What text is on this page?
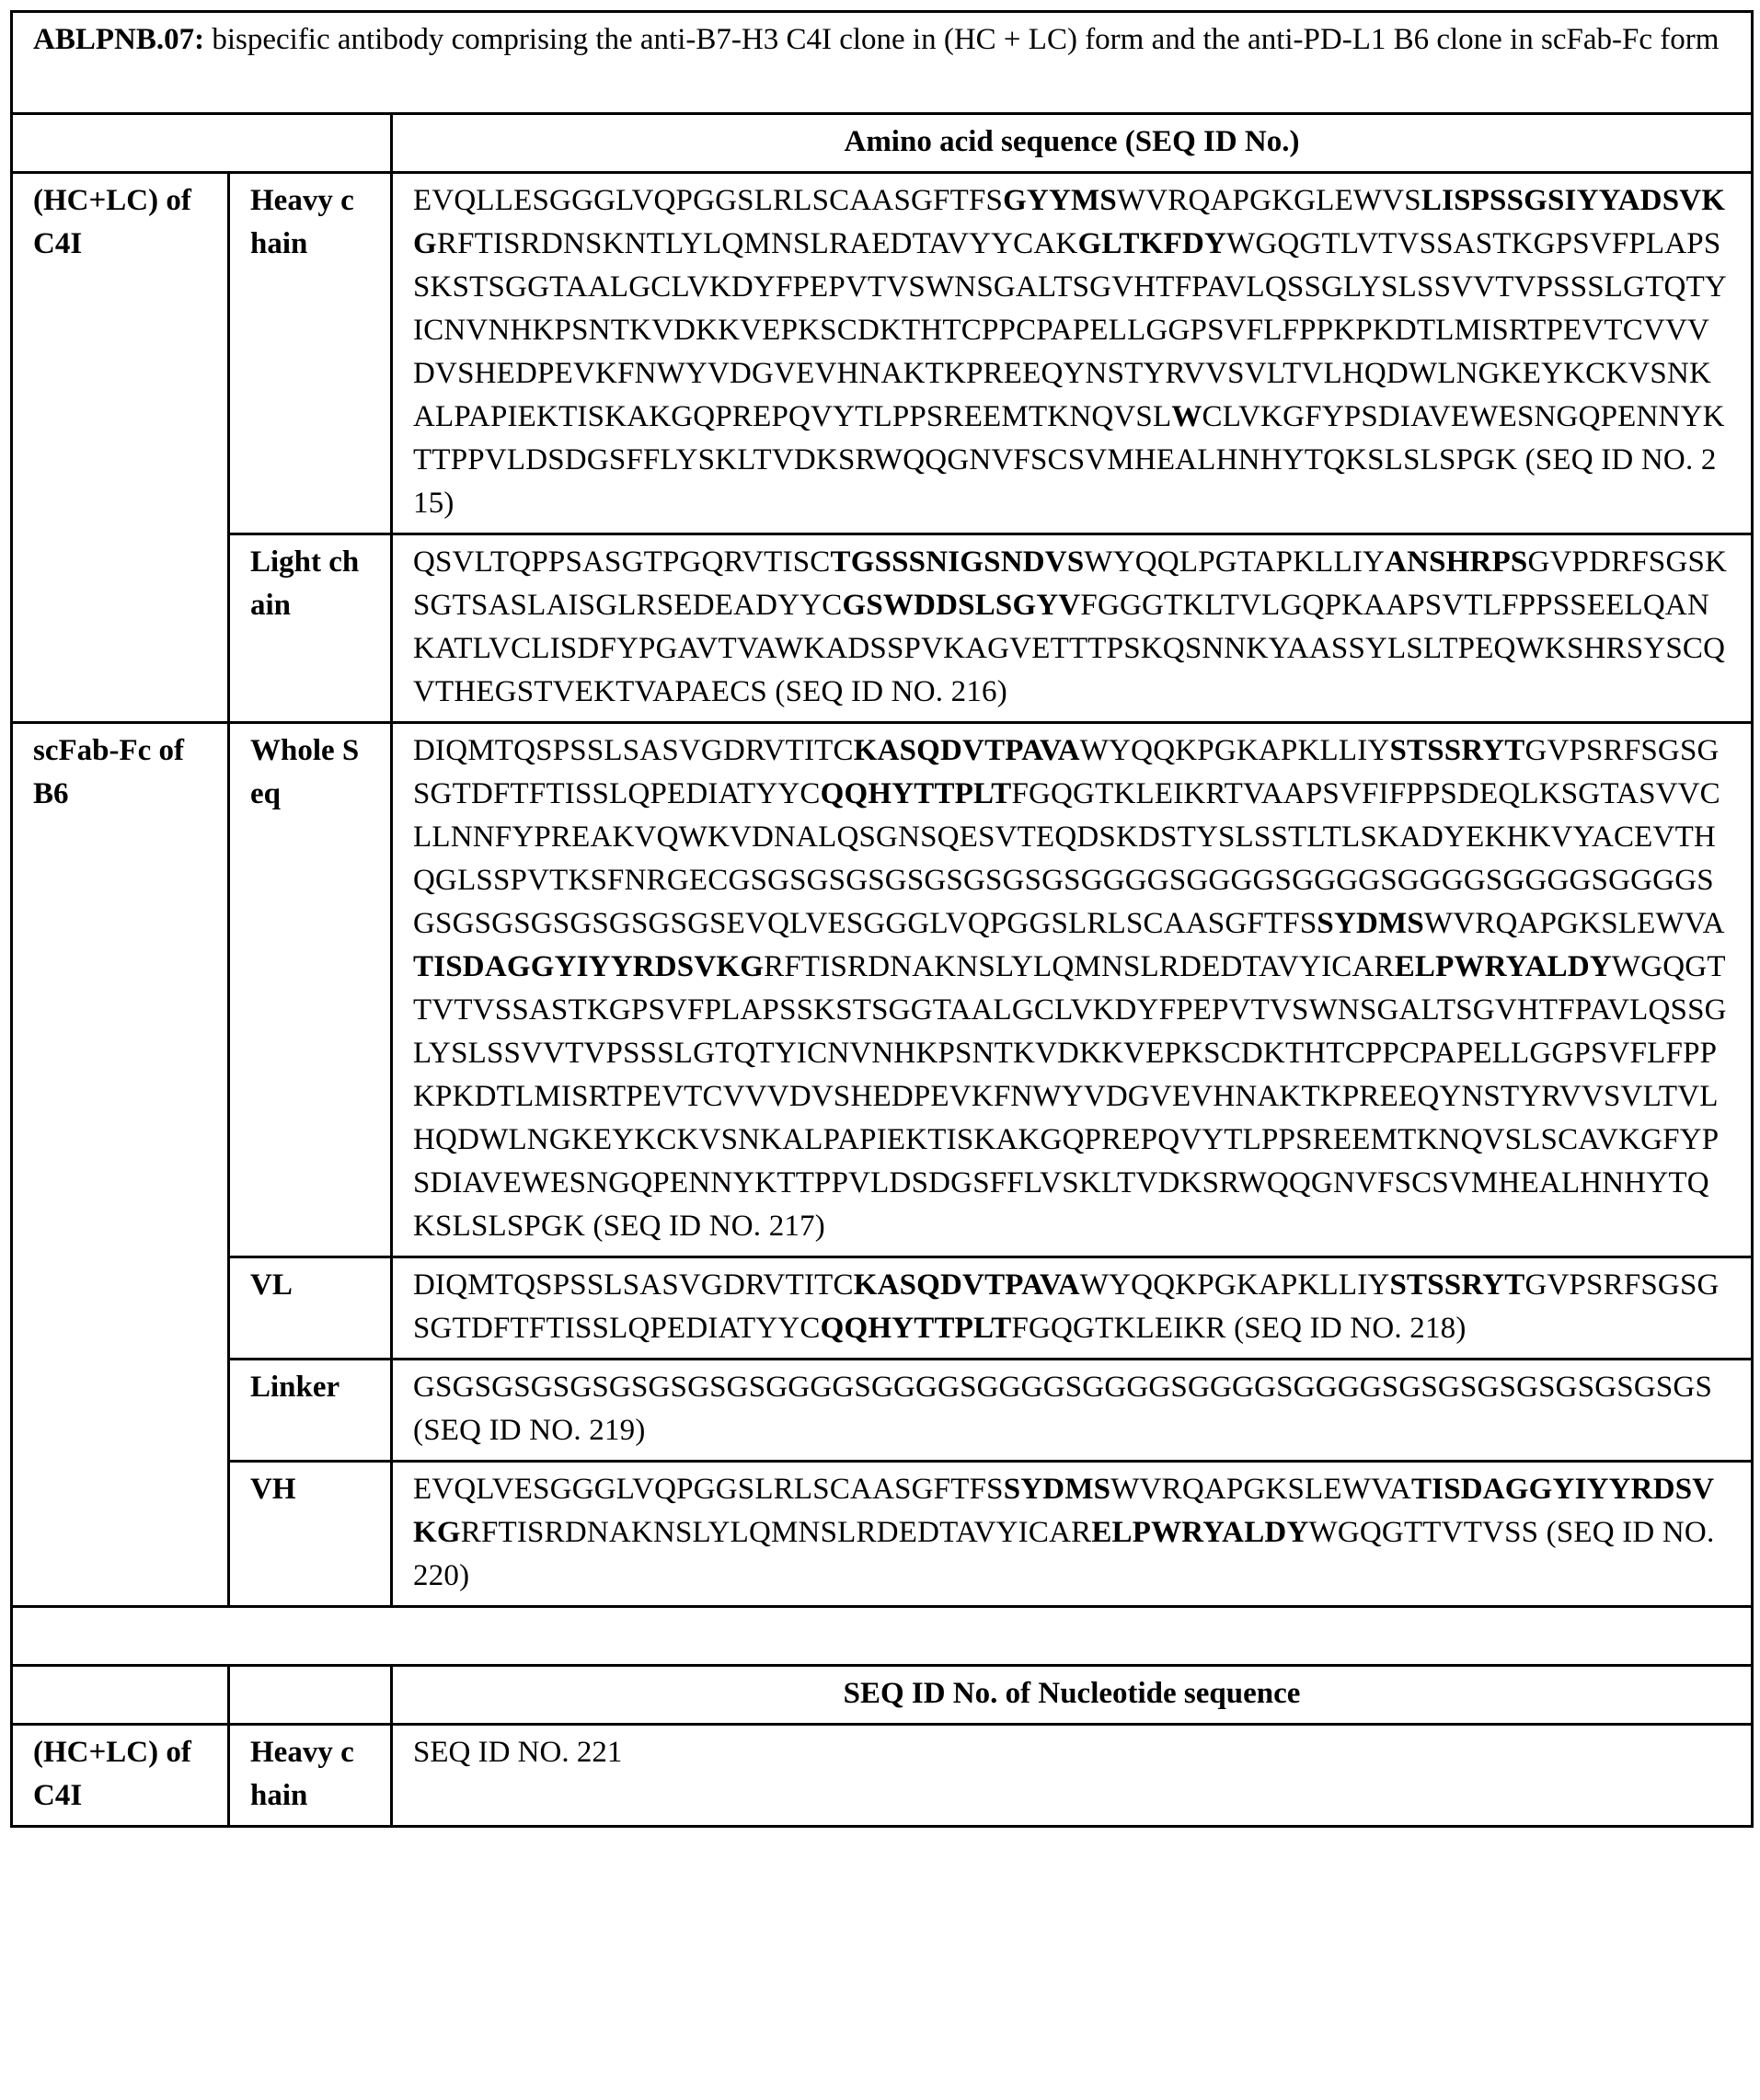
ABLPNB.07: bispecific antibody comprising the anti-B7-H3 C4I clone in (HC + LC) form and the anti-PD-L1 B6 clone in scFab-Fc form		
		Amino acid sequence (SEQ ID No.)
(HC+LC) of C4I	Heavy chain	EVQLLESGGGLVQPGGSLRLSCAASGFTFSGYYMSWVRQAPGKGLEWVSLISPSSGSIYYADSVKGRFTISRDNSKNTLYLQMNSLRAEDTAVYYCAKGLTKFDYWGQGTLVTVSSASTKGPSVFPLAPSSKSTSGGTAALGCLVKDYFPEPVTVSWNSGALTSGVHTFPAVLQSSGLYSLSSVVTVPSSSLGTQTYICNVNHKPSNTKVDKKVEPKSCDKTHTCPPCPAPELLGGPSVFLFPPKPKDTLMISRTPEVTCVVVDVSHEDPEVKFNWYVDGVEVHNAKTKPREEQYNSTYRVVSVLTVLHQDWLNGKEYKCKVSNKALPAPIEKTISKAKGQPREPQVYTLPPSREEMTKNQVSLWCLVKGFYPSDIAVEWESNGQPENNYKTTPPVLDSDGSFFLYSKLTVDKSRWQQGNVFSCSVMHEALHNHYTQKSLSLSPGK (SEQ ID NO. 215)
	Light chain	QSVLTQPPSASGTPGQRVTISCTGSSSNIGSNDVSWYQQLPGTAPKLLIYANSHRPSGVPDRFSGSKSGTSASLAISGLRSEDEADYYCGSWDDSLSGYVFGGGTKLTVLGQPKAAPSVTLFPPSSEELQANKATLVCLISDFYPGAVTVAWKADSSPVKAGVETTTPSKQSNNKYAASSYLSLTPEQWKSHRSYSCQVTHEGSTVEKTVAPAECS (SEQ ID NO. 216)
scFab-Fc of B6	Whole Seq	DIQMTQSPSSLSASVGDRVTITCKASQDVTPAVAWYQQKPGKAPKLLIYSTSSRYTGVPSRFSGSGSGTDFTFTISSLQPEDIATYYCQQHYTTPLTFGQGTKLEIKRTVAAPSVFIFPPSDEQLKSGTASVVCLLNNFYPREAKVQWKVDNALQSGNSQESVTEQDSKDSTYSLSSTLTLSKADYEKHKVYACEVTHQGLSSPVTKSFNRGECGSGSGSGSGSGSGSGSGSGGGGSGGGGSGGGGSGGGGSGGGGSGGGGSGSGSGSGSGSGSGSGSEVQLVESGGGLVQPGGSLRLSCAASGFTFSSYDMSWVRQAPGKSLEWVATISDAGGYIYYRDSVKGRFTISRDNAKNSLYLQMNSLRDEDTAVYICARELPWRYALDYWGQGTTVTVSSASTKGPSVFPLAPSSKSTSGGTAALGCLVKDYFPEPVTVSWNSGALTSGVHTFPAVLQSSGLYSLSSVVTVPSSSLGTQTYICNVNHKPSNTKVDKKVEPKSCDKTHTCPPCPAPELLGGPSVFLFPPKPKDTLMISRTPEVTCVVVDVSHEDPEVKFNWYVDGVEVHNAKTKPREEQYNSTYRVVSVLTVLHQDWLNGKEYKCKVSNKALPAPIEKTISKAKGQPREPQVYTLPPSREEMTKNQVSLSCAVKGFYPSDIAVEWESNGQPENNYKTTPPVLDSDGSFFLVSKLTVDKSRWQQGNVFSCSVMHEALHNHYTQKSLSLSPGK (SEQ ID NO. 217)
	VL	DIQMTQSPSSLSASVGDRVTITCKASQDVTPAVAWYQQKPGKAPKLLIYSTSSRYTGVPSRFSGSGSGTDFTFTISSLQPEDIATYYCQQHYTTPLTFGQGTKLEIKR (SEQ ID NO. 218)
	Linker	GSGSGSGSGSGSGSGSGSGGGGSGGGGSGGGGSGGGGSGGGGSGGGGSGSGSGSGSGSGSGSGS (SEQ ID NO. 219)
	VH	EVQLVESGGGLVQPGGSLRLSCAASGFTFSSYDMSWVRQAPGKSLEWVATISDAGGYIYYRDSVKGRFTISRDNAKNSLYLQMNSLRDEDTAVYICARELPWRYALDYWGQGTTVTVSS (SEQ ID NO. 220)

		SEQ ID No. of Nucleotide sequence
(HC+LC) of C4I	Heavy chain	SEQ ID NO. 221
